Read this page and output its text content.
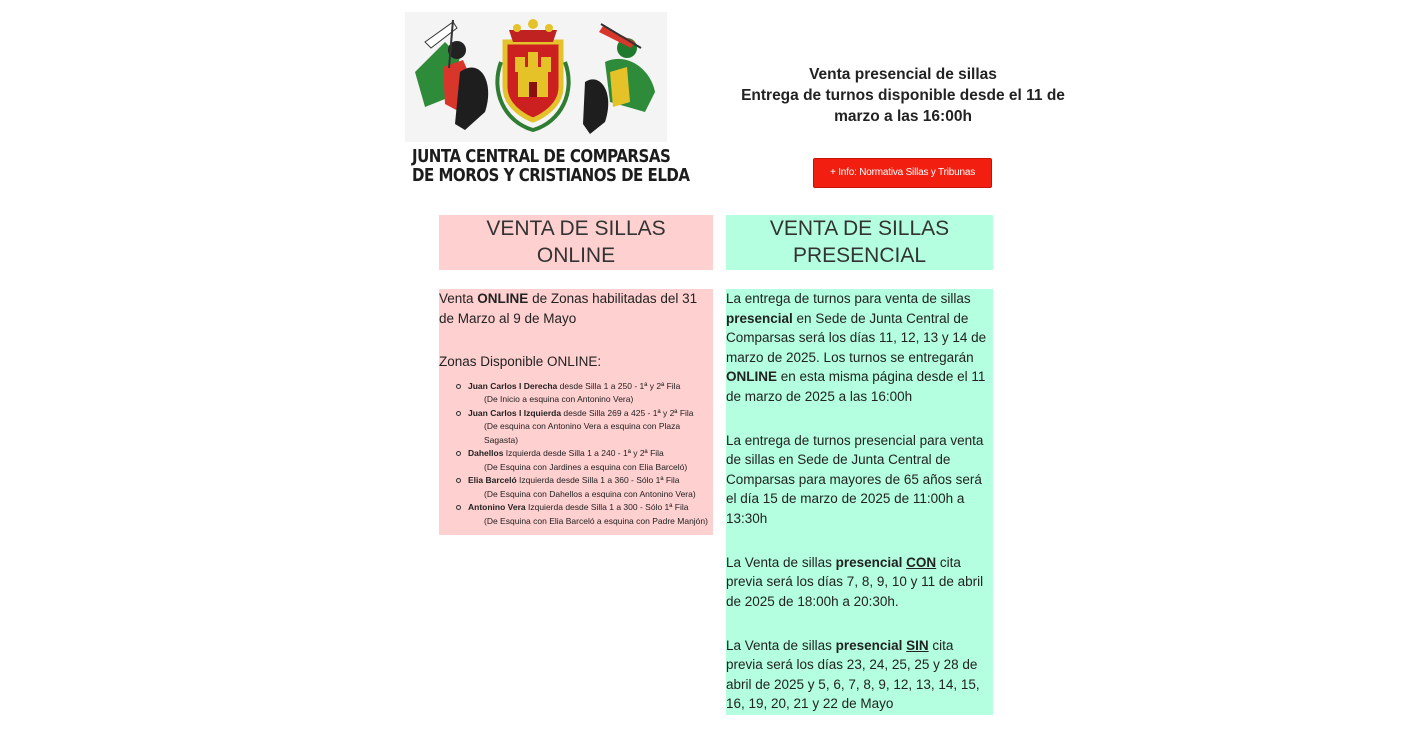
JUNTA CENTRAL DE COMPARSAS
DE MOROS Y CRISTIANOS DE ELDA
Venta presencial de sillas
Entrega de turnos disponible desde el 11 de
marzo a las 16:00h
+ Info: Normativa Sillas y Tribunas
VENTA DE SILLAS
ONLINE
VENTA DE SILLAS
PRESENCIAL

Venta ONLINE de Zonas habilitadas del 31 de Marzo al 9 de Mayo

Zonas Disponible ONLINE:

Juan Carlos I Derecha desde Silla 1 a 250 - 1ª y 2ª Fila
(De Inicio a esquina con Antonino Vera)
Juan Carlos I Izquierda desde Silla 269 a 425 - 1ª y 2ª Fila
(De esquina con Antonino Vera a esquina con Plaza Sagasta)
Dahellos Izquierda desde Silla 1 a 240 - 1ª y 2ª Fila
(De Esquina con Jardines a esquina con Elia Barceló)
Elia Barceló Izquierda desde Silla 1 a 360 - Sólo 1ª Fila
(De Esquina con Dahellos a esquina con Antonino Vera)
Antonino Vera Izquierda desde Silla 1 a 300 - Sólo 1ª Fila
(De Esquina con Elia Barceló a esquina con Padre Manjón)

La entrega de turnos para venta de sillas presencial en Sede de Junta Central de Comparsas será los días 11, 12, 13 y 14 de marzo de 2025. Los turnos se entregarán ONLINE en esta misma página desde el 11 de marzo de 2025 a las 16:00h

La entrega de turnos presencial para venta de sillas en Sede de Junta Central de Comparsas para mayores de 65 años será el día 15 de marzo de 2025 de 11:00h a 13:30h

La Venta de sillas presencial CON cita previa será los días 7, 8, 9, 10 y 11 de abril de 2025 de 18:00h a 20:30h.

La Venta de sillas presencial SIN cita previa será los días 23, 24, 25, 25 y 28 de abril de 2025 y 5, 6, 7, 8, 9, 12, 13, 14, 15, 16, 19, 20, 21 y 22 de Mayo
